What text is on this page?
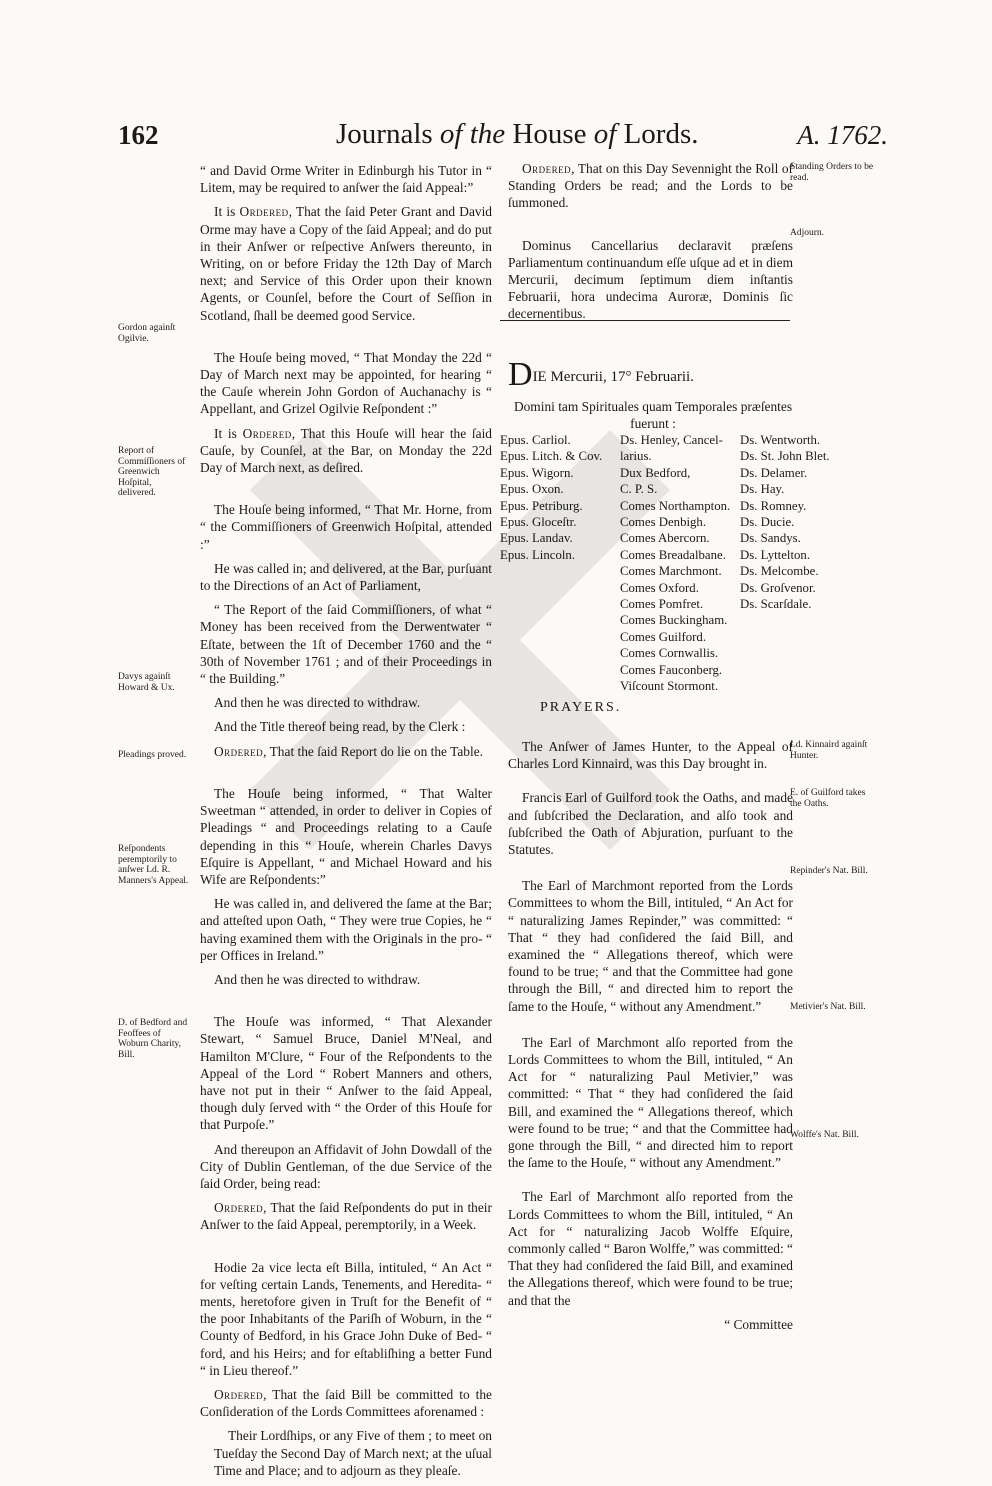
162	Journals of the House of Lords.	A. 1762.

“ and David Orme Writer in Edinburgh his Tutor in “ Litem, may be required to anſwer the ſaid Appeal:”

It is Ordered, That the ſaid Peter Grant and David Orme may have a Copy of the ſaid Appeal; and do put in their Anſwer or reſpective Anſwers thereunto, in Writing, on or before Friday the 12th Day of March next; and Service of this Order upon their known Agents, or Counſel, before the Court of Seſſion in Scotland, ſhall be deemed good Service.

The Houſe being moved, “ That Monday the 22d “ Day of March next may be appointed, for hearing “ the Cauſe wherein John Gordon of Auchanachy is “ Appellant, and Grizel Ogilvie Reſpondent :”

It is Ordered, That this Houſe will hear the ſaid Cauſe, by Counſel, at the Bar, on Monday the 22d Day of March next, as deſired.

The Houſe being informed, “ That Mr. Horne, from “ the Commiſſioners of Greenwich Hoſpital, attended :”

He was called in; and delivered, at the Bar, purſuant to the Directions of an Act of Parliament,

“ The Report of the ſaid Commiſſioners, of what “ Money has been received from the Derwentwater “ Eſtate, between the 1ſt of December 1760 and the “ 30th of November 1761 ; and of their Proceedings in “ the Building.”

And then he was directed to withdraw.

And the Title thereof being read, by the Clerk :

Ordered, That the ſaid Report do lie on the Table.

The Houſe being informed, “ That Walter Sweetman “ attended, in order to deliver in Copies of Pleadings “ and Proceedings relating to a Cauſe depending in this “ Houſe, wherein Charles Davys Eſquire is Appellant, “ and Michael Howard and his Wife are Reſpondents:”

He was called in, and delivered the ſame at the Bar; and atteſted upon Oath, “ They were true Copies, he “ having examined them with the Originals in the pro- “ per Offices in Ireland.”

And then he was directed to withdraw.

The Houſe was informed, “ That Alexander Stewart, “ Samuel Bruce, Daniel M'Neal, and Hamilton M'Clure, “ Four of the Reſpondents to the Appeal of the Lord “ Robert Manners and others, have not put in their “ Anſwer to the ſaid Appeal, though duly ſerved with “ the Order of this Houſe for that Purpoſe.”

And thereupon an Affidavit of John Dowdall of the City of Dublin Gentleman, of the due Service of the ſaid Order, being read:

Ordered, That the ſaid Reſpondents do put in their Anſwer to the ſaid Appeal, peremptorily, in a Week.

Hodie 2a vice lecta eſt Billa, intituled, “ An Act “ for veſting certain Lands, Tenements, and Heredita- “ ments, heretofore given in Truſt for the Benefit of “ the poor Inhabitants of the Pariſh of Woburn, in the “ County of Bedford, in his Grace John Duke of Bed- “ ford, and his Heirs; and for eſtabliſhing a better Fund “ in Lieu thereof.”

Ordered, That the ſaid Bill be committed to the Conſideration of the Lords Committees aforenamed :

Their Lordſhips, or any Five of them ; to meet on Tueſday the Second Day of March next; at the uſual Time and Place; and to adjourn as they pleaſe.

Gordon againſt Ogilvie.
Report of Commiſſioners of Greenwich Hoſpital, delivered.
Davys againſt Howard & Ux.
Pleadings proved.
Reſpondents peremptorily to anſwer Ld. R. Manners's Appeal.
D. of Bedford and Feoffees of Woburn Charity, Bill.

Ordered, That on this Day Sevennight the Roll of Standing Orders be read; and the Lords to be ſummoned.

Dominus Cancellarius declaravit præſens Parliamentum continuandum eſſe uſque ad et in diem Mercurii, decimum ſeptimum diem inſtantis Februarii, hora undecima Auroræ, Dominis ſic decernentibus.

DIE Mercurii, 17° Februarii.
Domini tam Spirituales quam Temporales præſentes fuerunt :
Epus. Carliol.
Epus. Litch. & Cov.
Epus. Wigorn.
Epus. Oxon.
Epus. Petriburg.
Epus. Gloceſtr.
Epus. Landav.
Epus. Lincoln.
Ds. Henley, Cancel-
larius.
Dux Bedford,
C. P. S.
Comes Northampton.
Comes Denbigh.
Comes Abercorn.
Comes Breadalbane.
Comes Marchmont.
Comes Oxford.
Comes Pomfret.
Comes Buckingham.
Comes Guilford.
Comes Cornwallis.
Comes Fauconberg.
Viſcount Stormont.
Ds. Wentworth.
Ds. St. John Blet.
Ds. Delamer.
Ds. Hay.
Ds. Romney.
Ds. Ducie.
Ds. Sandys.
Ds. Lyttelton.
Ds. Melcombe.
Ds. Groſvenor.
Ds. Scarſdale.
PRAYERS.

The Anſwer of James Hunter, to the Appeal of Charles Lord Kinnaird, was this Day brought in.

Francis Earl of Guilford took the Oaths, and made and ſubſcribed the Declaration, and alſo took and ſubſcribed the Oath of Abjuration, purſuant to the Statutes.

The Earl of Marchmont reported from the Lords Committees to whom the Bill, intituled, “ An Act for “ naturalizing James Repinder,” was committed: “ That “ they had conſidered the ſaid Bill, and examined the “ Allegations thereof, which were found to be true; “ and that the Committee had gone through the Bill, “ and directed him to report the ſame to the Houſe, “ without any Amendment.”

The Earl of Marchmont alſo reported from the Lords Committees to whom the Bill, intituled, “ An Act for “ naturalizing Paul Metivier,” was committed: “ That “ they had conſidered the ſaid Bill, and examined the “ Allegations thereof, which were found to be true; “ and that the Committee had gone through the Bill, “ and directed him to report the ſame to the Houſe, “ without any Amendment.”

The Earl of Marchmont alſo reported from the Lords Committees to whom the Bill, intituled, “ An Act for “ naturalizing Jacob Wolffe Eſquire, commonly called “ Baron Wolffe,” was committed: “ That they had conſidered the ſaid Bill, and examined the Allegations thereof, which were found to be true; and that the

“ Committee

Standing Orders to be read.
Adjourn.
Ld. Kinnaird againſt Hunter.
E. of Guilford takes the Oaths.
Repinder's Nat. Bill.
Metivier's Nat. Bill.
Wolffe's Nat. Bill.
